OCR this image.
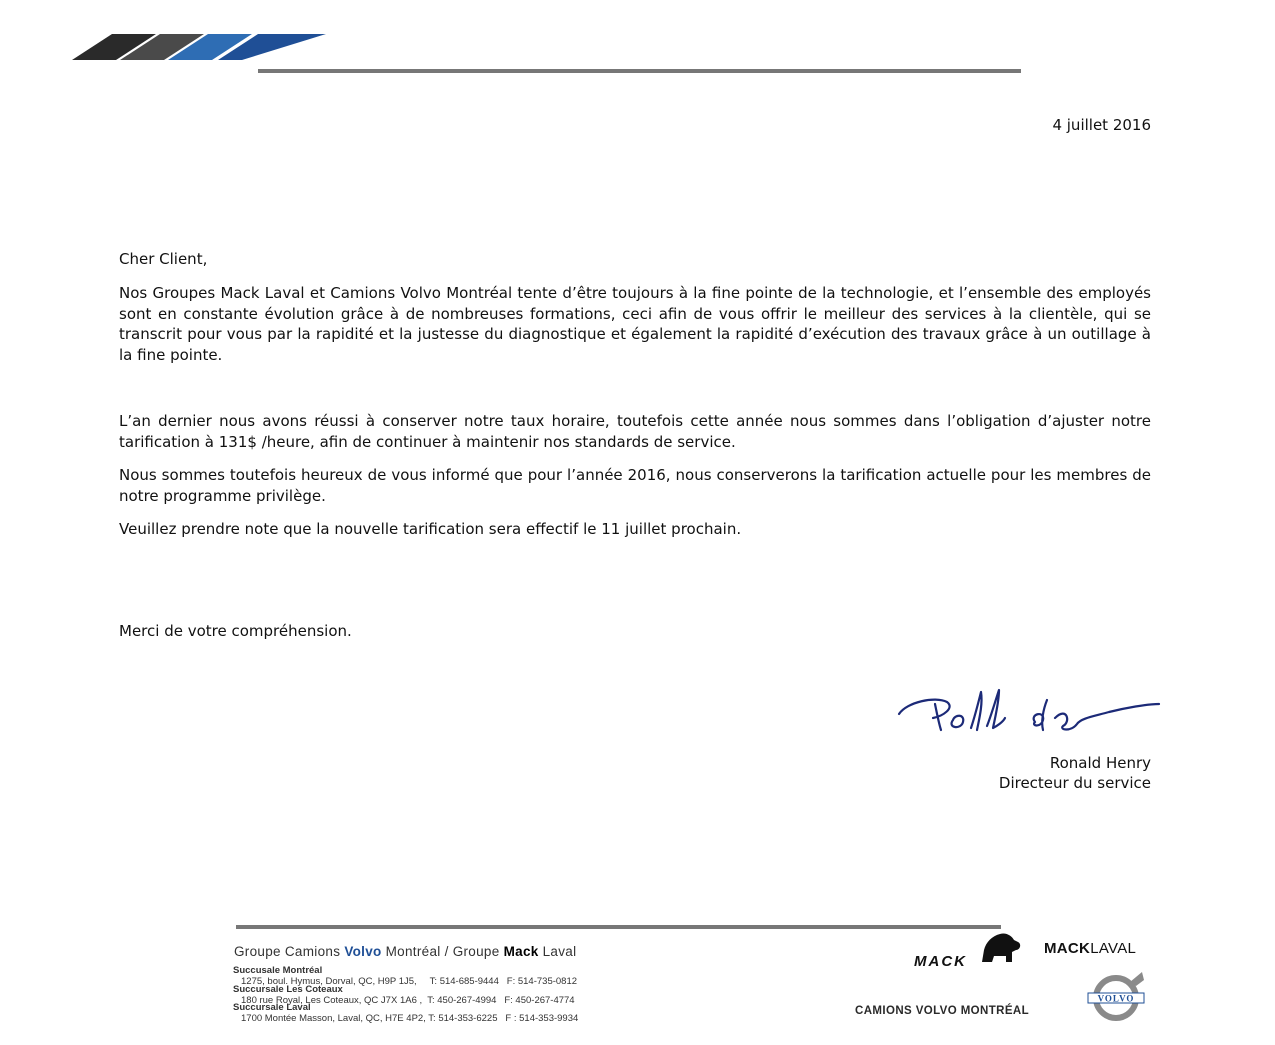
4 juillet 2016
Cher Client,
Nos Groupes Mack Laval et Camions Volvo Montréal tente d’être toujours à la fine pointe de la technologie, et l’ensemble des employés sont en constante évolution grâce à de nombreuses formations, ceci afin de vous offrir le meilleur des services à la clientèle, qui se transcrit pour vous par la rapidité et la justesse du diagnostique et également la rapidité d’exécution des travaux grâce à un outillage à la fine pointe.
L’an dernier nous avons réussi à conserver notre taux horaire, toutefois cette année nous sommes dans l’obligation d’ajuster notre tarification à 131$ /heure, afin de continuer à maintenir nos standards de service.
Nous sommes toutefois heureux de vous informé que pour l’année 2016, nous conserverons la tarification actuelle pour les membres de notre programme privilège.
Veuillez prendre note que la nouvelle tarification sera effectif le 11 juillet prochain.
Merci de votre compréhension.
Ronald Henry
Directeur du service
Groupe Camions Volvo Montréal / Groupe Mack Laval
Succusale Montréal
1275, boul. Hymus, Dorval, QC, H9P 1J5,     T: 514-685-9444   F: 514-735-0812
Succursale Les Coteaux
180 rue Royal, Les Coteaux, QC J7X 1A6 ,  T: 450-267-4994   F: 450-267-4774
Succursale Laval
1700 Montée Masson, Laval, QC, H7E 4P2, T: 514-353-6225   F : 514-353-9934
MACK
MACKLAVAL
CAMIONS VOLVO MONTRÉAL
VOLVO
